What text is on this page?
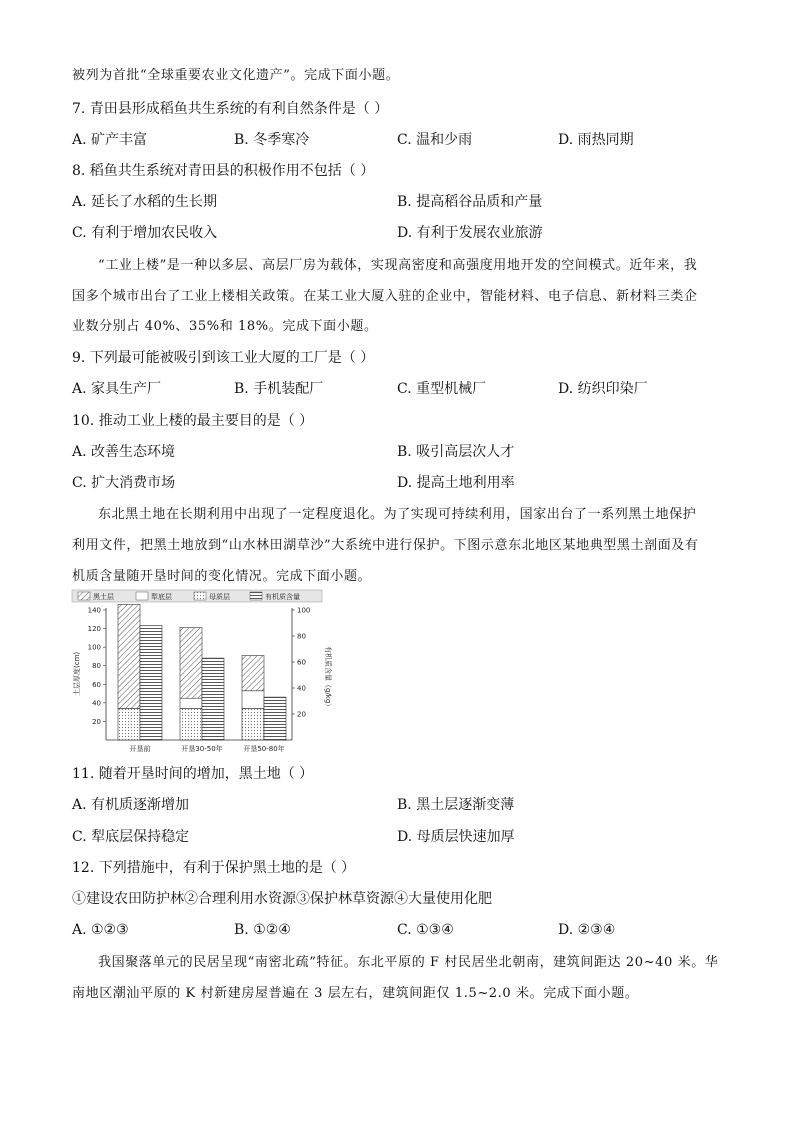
被列为首批“全球重要农业文化遗产”。完成下面小题。
7. 青田县形成稻鱼共生系统的有利自然条件是（ ）
A. 矿产丰富	B. 冬季寒冷	C. 温和少雨	D. 雨热同期
8. 稻鱼共生系统对青田县的积极作用不包括（ ）
A. 延长了水稻的生长期	B. 提高稻谷品质和产量
C. 有利于增加农民收入	D. 有利于发展农业旅游
“工业上楼”是一种以多层、高层厂房为载体，实现高密度和高强度用地开发的空间模式。近年来，我
国多个城市出台了工业上楼相关政策。在某工业大厦入驻的企业中，智能材料、电子信息、新材料三类企
业数分别占 40%、35%和 18%。完成下面小题。
9. 下列最可能被吸引到该工业大厦的工厂是（ ）
A. 家具生产厂	B. 手机装配厂	C. 重型机械厂	D. 纺织印染厂
10. 推动工业上楼的最主要目的是（ ）
A. 改善生态环境	B. 吸引高层次人才
C. 扩大消费市场	D. 提高土地利用率
东北黑土地在长期利用中出现了一定程度退化。为了实现可持续利用，国家出台了一系列黑土地保护
利用文件，把黑土地放到“山水林田湖草沙”大系统中进行保护。下图示意东北地区某地典型黑土剖面及有
机质含量随开垦时间的变化情况。完成下面小题。
黑土层	犁底层	母质层	有机质含量
土层厚度(cm)	有机质含量（g/kg）
20
40
60
80
100
120
140
20
40
60
80
100
开垦前	开垦30-50年	开垦50-80年
11. 随着开垦时间的增加，黑土地（ ）
A. 有机质逐渐增加	B. 黑土层逐渐变薄
C. 犁底层保持稳定	D. 母质层快速加厚
12. 下列措施中，有利于保护黑土地的是（ ）
①建设农田防护林②合理利用水资源③保护林草资源④大量使用化肥
A. ①②③	B. ①②④	C. ①③④	D. ②③④
我国聚落单元的民居呈现“南密北疏”特征。东北平原的 F 村民居坐北朝南，建筑间距达 20~40 米。华
南地区潮汕平原的 K 村新建房屋普遍在 3 层左右，建筑间距仅 1.5~2.0 米。完成下面小题。
